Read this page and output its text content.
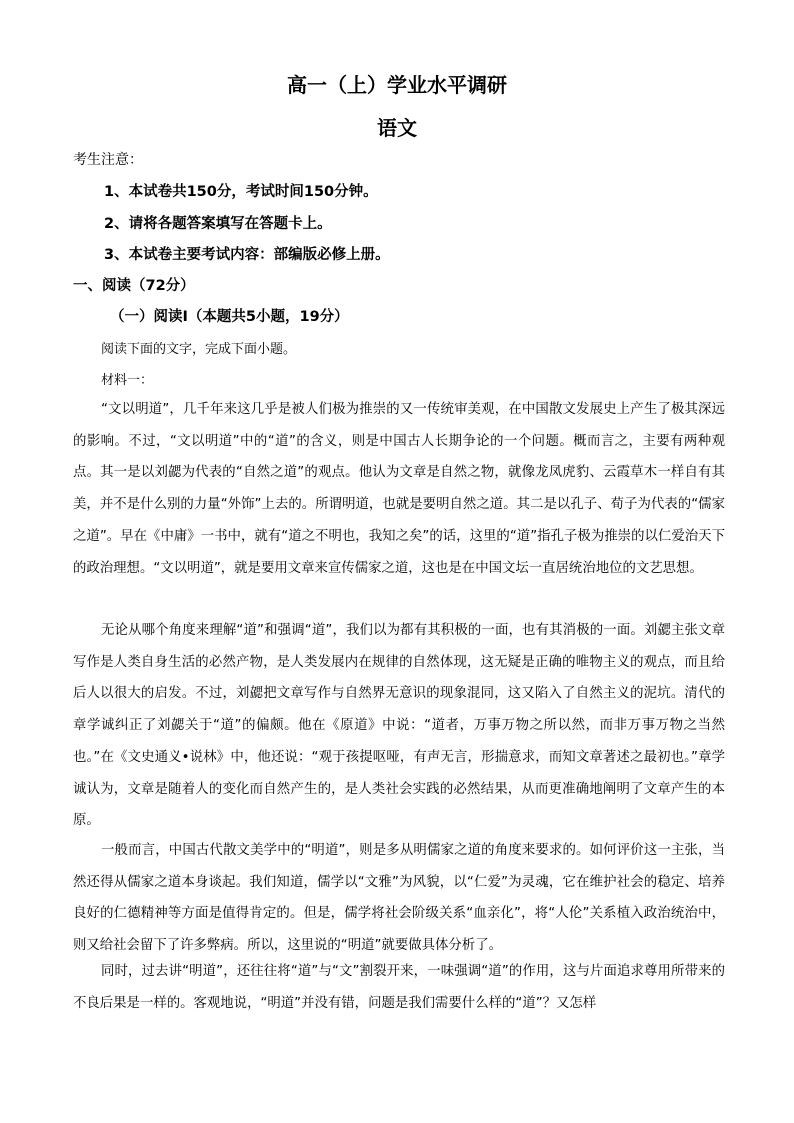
高一（上）学业水平调研
语文
考生注意：
1、本试卷共150分，考试时间150分钟。
2、请将各题答案填写在答题卡上。
3、本试卷主要考试内容：部编版必修上册。
一、阅读（72分）
（一）阅读Ⅰ（本题共5小题，19分）
阅读下面的文字，完成下面小题。
材料一：

“文以明道”，几千年来这几乎是被人们极为推崇的又一传统审美观，在中国散文发展史上产生了极其深远的影响。不过，“文以明道”中的“道”的含义，则是中国古人长期争论的一个问题。概而言之，主要有两种观点。其一是以刘勰为代表的“自然之道”的观点。他认为文章是自然之物，就像龙凤虎豹、云霞草木一样自有其美，并不是什么别的力量“外饰”上去的。所谓明道，也就是要明自然之道。其二是以孔子、荀子为代表的“儒家之道”。早在《中庸》一书中，就有“道之不明也，我知之矣”的话，这里的“道”指孔子极为推崇的以仁爱治天下的政治理想。“文以明道”，就是要用文章来宣传儒家之道，这也是在中国文坛一直居统治地位的文艺思想。

无论从哪个角度来理解“道”和强调“道”，我们以为都有其积极的一面，也有其消极的一面。刘勰主张文章写作是人类自身生活的必然产物，是人类发展内在规律的自然体现，这无疑是正确的唯物主义的观点，而且给后人以很大的启发。不过，刘勰把文章写作与自然界无意识的现象混同，这又陷入了自然主义的泥坑。清代的章学诚纠正了刘勰关于“道”的偏颇。他在《原道》中说：“道者，万事万物之所以然，而非万事万物之当然也。”在《文史通义•说林》中，他还说：“观于孩提呕哑，有声无言，形揣意求，而知文章著述之最初也。”章学诚认为，文章是随着人的变化而自然产生的，是人类社会实践的必然结果，从而更准确地阐明了文章产生的本原。

一般而言，中国古代散文美学中的“明道”，则是多从明儒家之道的角度来要求的。如何评价这一主张，当然还得从儒家之道本身谈起。我们知道，儒学以“文雅”为风貌，以“仁爱”为灵魂，它在维护社会的稳定、培养良好的仁德精神等方面是值得肯定的。但是，儒学将社会阶级关系“血亲化”，将“人伦”关系植入政治统治中，则又给社会留下了许多弊病。所以，这里说的“明道”就要做具体分析了。

同时，过去讲“明道”，还往往将“道”与“文”割裂开来，一味强调“道”的作用，这与片面追求尊用所带来的不良后果是一样的。客观地说，“明道”并没有错，问题是我们需要什么样的“道”？又怎样
